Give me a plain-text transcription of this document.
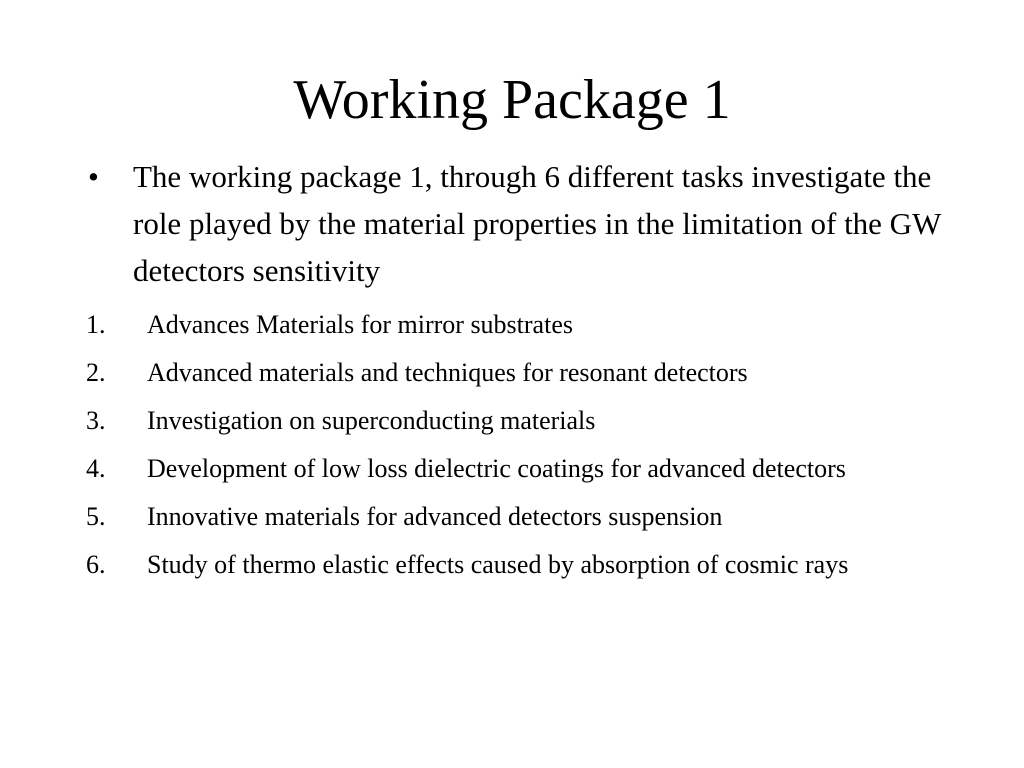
Working Package 1
•	The working package 1, through 6 different tasks investigate the role played by the material properties in the limitation of the GW detectors sensitivity
1.	Advances Materials for mirror substrates
2.	Advanced materials and techniques for resonant detectors
3.	Investigation on superconducting materials
4.	Development of low loss dielectric coatings for advanced detectors
5.	Innovative materials for advanced detectors suspension
6.	Study of thermo elastic effects caused by absorption of cosmic rays
